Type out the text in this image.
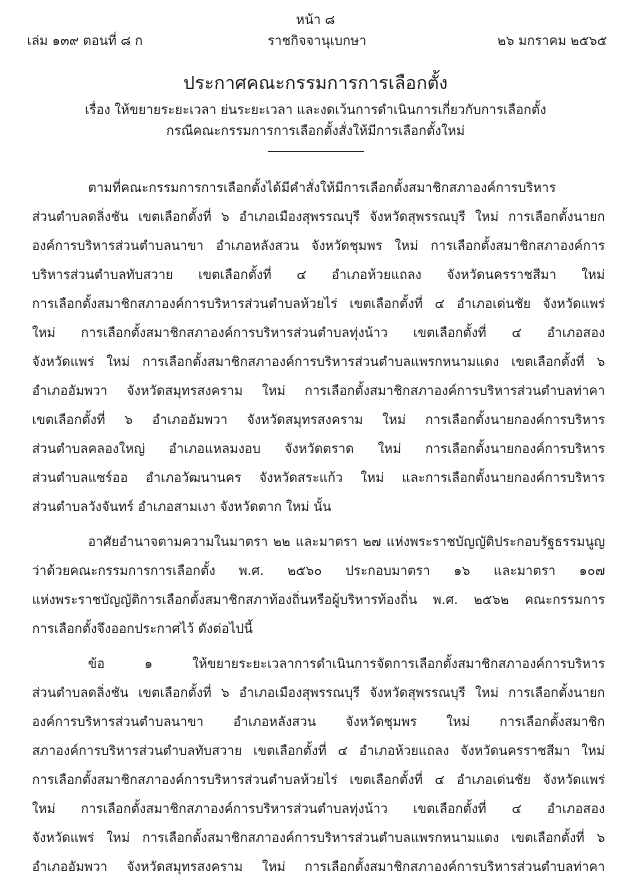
หน้า ๘
เล่ม ๑๓๙ ตอนที่ ๘ ก	ราชกิจจานุเบกษา	๒๖ มกราคม ๒๕๖๕
ประกาศคณะกรรมการการเลือกตั้ง
เรื่อง ให้ขยายระยะเวลา ย่นระยะเวลา และงดเว้นการดำเนินการเกี่ยวกับการเลือกตั้ง
กรณีคณะกรรมการการเลือกตั้งสั่งให้มีการเลือกตั้งใหม่
ตามที่คณะกรรมการการเลือกตั้งได้มีคำสั่งให้มีการเลือกตั้งสมาชิกสภาองค์การบริหาร
ส่วนตำบลดลิ่งชัน เขตเลือกตั้งที่ ๖ อำเภอเมืองสุพรรณบุรี จังหวัดสุพรรณบุรี ใหม่ การเลือกตั้งนายก
องค์การบริหารส่วนตำบลนาขา อำเภอหลังสวน จังหวัดชุมพร ใหม่ การเลือกตั้งสมาชิกสภาองค์การ
บริหารส่วนตำบลทับสวาย เขตเลือกตั้งที่ ๔ อำเภอห้วยแถลง จังหวัดนครราชสีมา ใหม่
การเลือกตั้งสมาชิกสภาองค์การบริหารส่วนตำบลห้วยไร่ เขตเลือกตั้งที่ ๔ อำเภอเด่นชัย จังหวัดแพร่
ใหม่ การเลือกตั้งสมาชิกสภาองค์การบริหารส่วนตำบลทุ่งน้าว เขตเลือกตั้งที่ ๔ อำเภอสอง
จังหวัดแพร่ ใหม่ การเลือกตั้งสมาชิกสภาองค์การบริหารส่วนตำบลแพรกหนามแดง เขตเลือกตั้งที่ ๖
อำเภออัมพวา จังหวัดสมุทรสงคราม ใหม่ การเลือกตั้งสมาชิกสภาองค์การบริหารส่วนตำบลท่าคา
เขตเลือกตั้งที่ ๖ อำเภออัมพวา จังหวัดสมุทรสงคราม ใหม่ การเลือกตั้งนายกองค์การบริหาร
ส่วนตำบลคลองใหญ่ อำเภอแหลมงอบ จังหวัดตราด ใหม่ การเลือกตั้งนายกองค์การบริหาร
ส่วนตำบลแซร์ออ อำเภอวัฒนานคร จังหวัดสระแก้ว ใหม่ และการเลือกตั้งนายกองค์การบริหาร
ส่วนตำบลวังจันทร์ อำเภอสามเงา จังหวัดตาก ใหม่ นั้น
อาศัยอำนาจตามความในมาตรา ๒๒ และมาตรา ๒๗ แห่งพระราชบัญญัติประกอบรัฐธรรมนูญ
ว่าด้วยคณะกรรมการการเลือกตั้ง พ.ศ. ๒๕๖๐ ประกอบมาตรา ๑๖ และมาตรา ๑๐๗
แห่งพระราชบัญญัติการเลือกตั้งสมาชิกสภาท้องถิ่นหรือผู้บริหารท้องถิ่น พ.ศ. ๒๕๖๒ คณะกรรมการ
การเลือกตั้งจึงออกประกาศไว้ ดังต่อไปนี้
ข้อ ๑ ให้ขยายระยะเวลาการดำเนินการจัดการเลือกตั้งสมาชิกสภาองค์การบริหาร
ส่วนตำบลดลิ่งชัน เขตเลือกตั้งที่ ๖ อำเภอเมืองสุพรรณบุรี จังหวัดสุพรรณบุรี ใหม่ การเลือกตั้งนายก
องค์การบริหารส่วนตำบลนาขา อำเภอหลังสวน จังหวัดชุมพร ใหม่ การเลือกตั้งสมาชิก
สภาองค์การบริหารส่วนตำบลทับสวาย เขตเลือกตั้งที่ ๔ อำเภอห้วยแถลง จังหวัดนครราชสีมา ใหม่
การเลือกตั้งสมาชิกสภาองค์การบริหารส่วนตำบลห้วยไร่ เขตเลือกตั้งที่ ๔ อำเภอเด่นชัย จังหวัดแพร่
ใหม่ การเลือกตั้งสมาชิกสภาองค์การบริหารส่วนตำบลทุ่งน้าว เขตเลือกตั้งที่ ๔ อำเภอสอง
จังหวัดแพร่ ใหม่ การเลือกตั้งสมาชิกสภาองค์การบริหารส่วนตำบลแพรกหนามแดง เขตเลือกตั้งที่ ๖
อำเภออัมพวา จังหวัดสมุทรสงคราม ใหม่ การเลือกตั้งสมาชิกสภาองค์การบริหารส่วนตำบลท่าคา
